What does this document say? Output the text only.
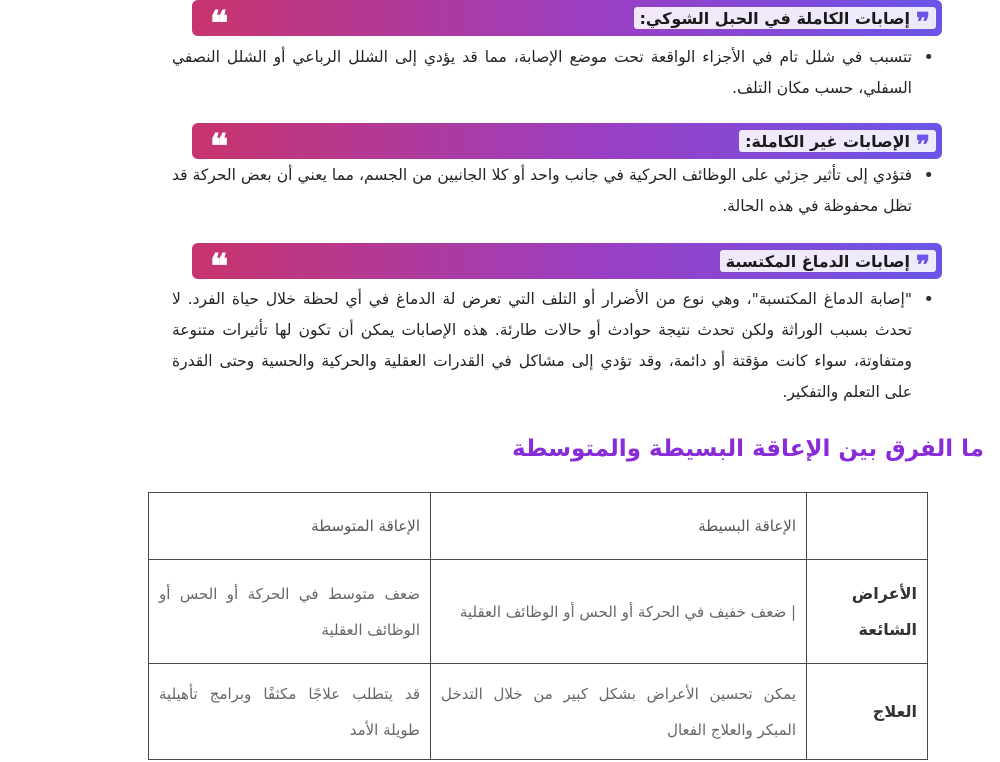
❞
إصابات الكاملة في الحبل الشوكي:
❝
•
تتسبب في شلل تام في الأجزاء الواقعة تحت موضع الإصابة، مما قد يؤدي إلى الشلل الرباعي أو الشلل النصفي السفلي، حسب مكان التلف.
❞
الإصابات غير الكاملة:
❝
•
فتؤدي إلى تأثير جزئي على الوظائف الحركية في جانب واحد أو كلا الجانبين من الجسم، مما يعني أن بعض الحركة قد تظل محفوظة في هذه الحالة.
❞
إصابات الدماغ المكتسبة
❝
•
"إصابة الدماغ المكتسبة"، وهي نوع من الأضرار أو التلف التي تعرض لة الدماغ في أي لحظة خلال حياة الفرد. لا تحدث بسبب الوراثة ولكن تحدث نتيجة حوادث أو حالات طارئة. هذه الإصابات يمكن أن تكون لها تأثيرات متنوعة ومتفاوتة، سواء كانت مؤقتة أو دائمة، وقد تؤدي إلى مشاكل في القدرات العقلية والحركية والحسية وحتى القدرة على التعلم والتفكير.
ما الفرق بين الإعاقة البسيطة والمتوسطة
	الإعاقة البسيطة	الإعاقة المتوسطة
الأعراض الشائعة	| ضعف خفيف في الحركة أو الحس أو الوظائف العقلية	ضعف متوسط في الحركة أو الحس أو الوظائف العقلية
العلاج	يمكن تحسين الأعراض بشكل كبير من خلال التدخل المبكر والعلاج الفعال	قد يتطلب علاجًا مكثفًا وبرامج تأهيلية طويلة الأمد
